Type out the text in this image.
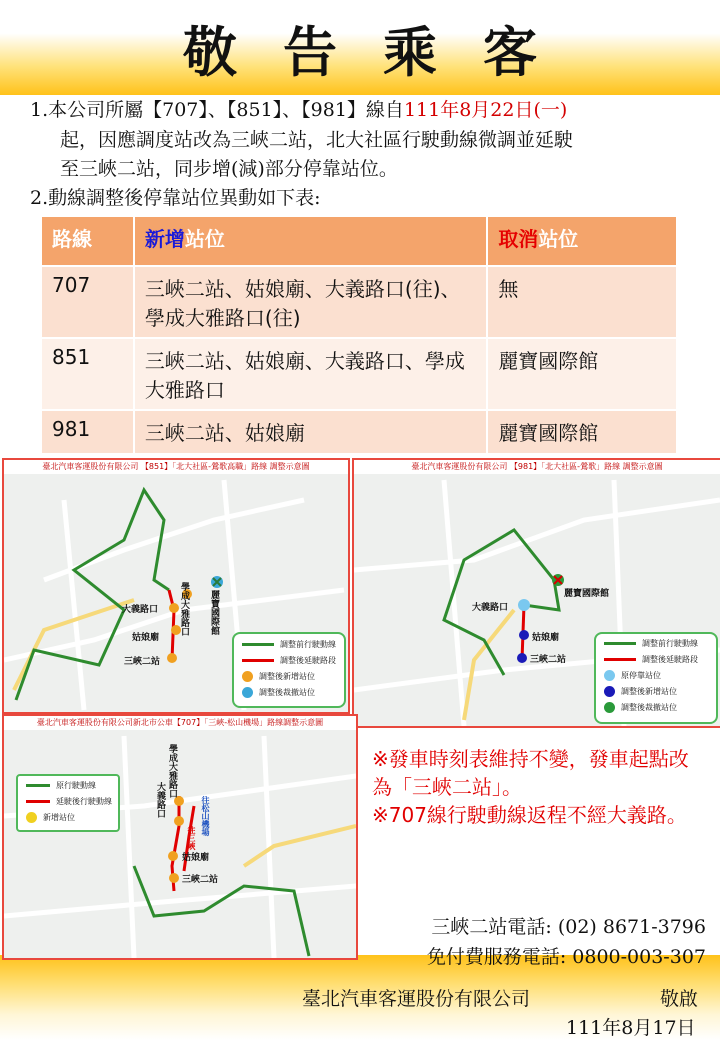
敬告乘客
1.本公司所屬【707】、【851】、【981】線自111年8月22日(一)
起，因應調度站改為三峽二站，北大社區行駛動線微調並延駛
至三峽二站，同步增(減)部分停靠站位。
2.動線調整後停靠站位異動如下表:
路線	新增站位	取消站位
707	三峽二站、姑娘廟、大義路口(往)、學成大雅路口(往)	無
851	三峽二站、姑娘廟、大義路口、學成大雅路口	麗寶國際館
981	三峽二站、姑娘廟	麗寶國際館
臺北汽車客運股份有限公司 【851】「北大社區-鶯歌高職」路線 調整示意圖
大義路口
姑娘廟
三峽二站
學成大雅路口 麗寶國際館
調整前行駛動線
調整後延駛路段
調整後新增站位
調整後裁撤站位
臺北汽車客運股份有限公司 【981】「北大社區-鶯歌」路線 調整示意圖
大義路口
姑娘廟
三峽二站
麗寶國際館
調整前行駛動線
調整後延駛路段
原停靠站位
調整後新增站位
調整後裁撤站位
臺北汽車客運股份有限公司新北市公車【707】「三峽-松山機場」路線調整示意圖
學成大雅路口
大義路口
姑娘廟
三峽二站
往松山機場
往三峽
原行駛動線
延駛後行駛動線
新增站位
※發車時刻表維持不變，發車起點改為「三峽二站」。
※707線行駛動線返程不經大義路。
三峽二站電話: (02) 8671-3796
免付費服務電話: 0800-003-307
臺北汽車客運股份有限公司	敬啟
111年8月17日
